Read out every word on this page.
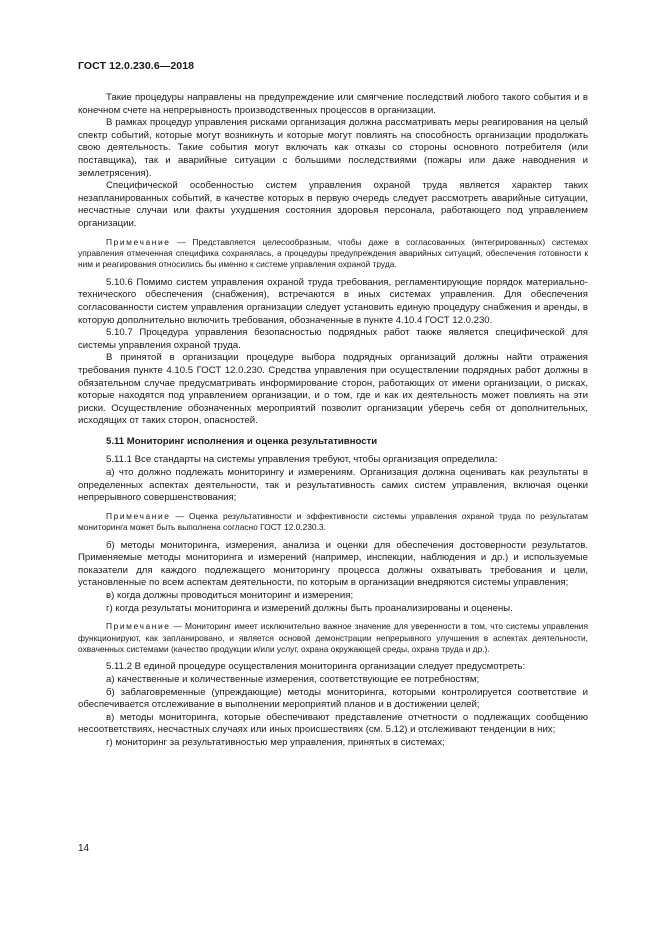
ГОСТ 12.0.230.6—2018

Такие процедуры направлены на предупреждение или смягчение последствий любого такого события и в конечном счете на непрерывность производственных процессов в организации.

В рамках процедур управления рисками организация должна рассматривать меры реагирования на целый спектр событий, которые могут возникнуть и которые могут повлиять на способность организации продолжать свою деятельность. Такие события могут включать как отказы со стороны основного потребителя (или поставщика), так и аварийные ситуации с большими последствиями (пожары или даже наводнения и землетрясения).

Специфической особенностью систем управления охраной труда является характер таких незапланированных событий, в качестве которых в первую очередь следует рассмотреть аварийные ситуации, несчастные случаи или факты ухудшения состояния здоровья персонала, работающего под управлением организации.

Примечание — Представляется целесообразным, чтобы даже в согласованных (интегрированных) системах управления отмеченная специфика сохранялась, а процедуры предупреждения аварийных ситуаций, обеспечения готовности к ним и реагирования относились бы именно к системе управления охраной труда.

5.10.6 Помимо систем управления охраной труда требования, регламентирующие порядок материально-технического обеспечения (снабжения), встречаются в иных системах управления. Для обеспечения согласованности систем управления организации следует установить единую процедуру снабжения и аренды, в которую дополнительно включить требования, обозначенные в пункте 4.10.4 ГОСТ 12.0.230.

5.10.7 Процедура управления безопасностью подрядных работ также является специфической для системы управления охраной труда.

В принятой в организации процедуре выбора подрядных организаций должны найти отражения требования пункте 4.10.5 ГОСТ 12.0.230. Средства управления при осуществлении подрядных работ должны в обязательном случае предусматривать информирование сторон, работающих от имени организации, о рисках, которые находятся под управлением организации, и о том, где и как их деятельность может повлиять на эти риски. Осуществление обозначенных мероприятий позволит организации уберечь себя от дополнительных, исходящих от таких сторон, опасностей.

5.11 Мониторинг исполнения и оценка результативности

5.11.1 Все стандарты на системы управления требуют, чтобы организация определила:

а) что должно подлежать мониторингу и измерениям. Организация должна оценивать как результаты в определенных аспектах деятельности, так и результативность самих систем управления, включая оценки непрерывного совершенствования;

Примечание — Оценка результативности и эффективности системы управления охраной труда по результатам мониторинга может быть выполнена согласно ГОСТ 12.0.230.3.

б) методы мониторинга, измерения, анализа и оценки для обеспечения достоверности результатов. Применяемые методы мониторинга и измерений (например, инспекции, наблюдения и др.) и используемые показатели для каждого подлежащего мониторингу процесса должны охватывать требования и цели, установленные по всем аспектам деятельности, по которым в организации внедряются системы управления;

в) когда должны проводиться мониторинг и измерения;

г) когда результаты мониторинга и измерений должны быть проанализированы и оценены.

Примечание — Мониторинг имеет исключительно важное значение для уверенности в том, что системы управления функционируют, как запланировано, и является основой демонстрации непрерывного улучшения в аспектах деятельности, охваченных системами (качество продукции и/или услуг, охрана окружающей среды, охрана труда и др.).

5.11.2 В единой процедуре осуществления мониторинга организации следует предусмотреть:

а) качественные и количественные измерения, соответствующие ее потребностям;

б) заблаговременные (упреждающие) методы мониторинга, которыми контролируется соответствие и обеспечивается отслеживание в выполнении мероприятий планов и в достижении целей;

в) методы мониторинга, которые обеспечивают представление отчетности о подлежащих сообщению несоответствиях, несчастных случаях или иных происшествиях (см. 5.12) и отслеживают тенденции в них;

г) мониторинг за результативностью мер управления, принятых в системах;

14
